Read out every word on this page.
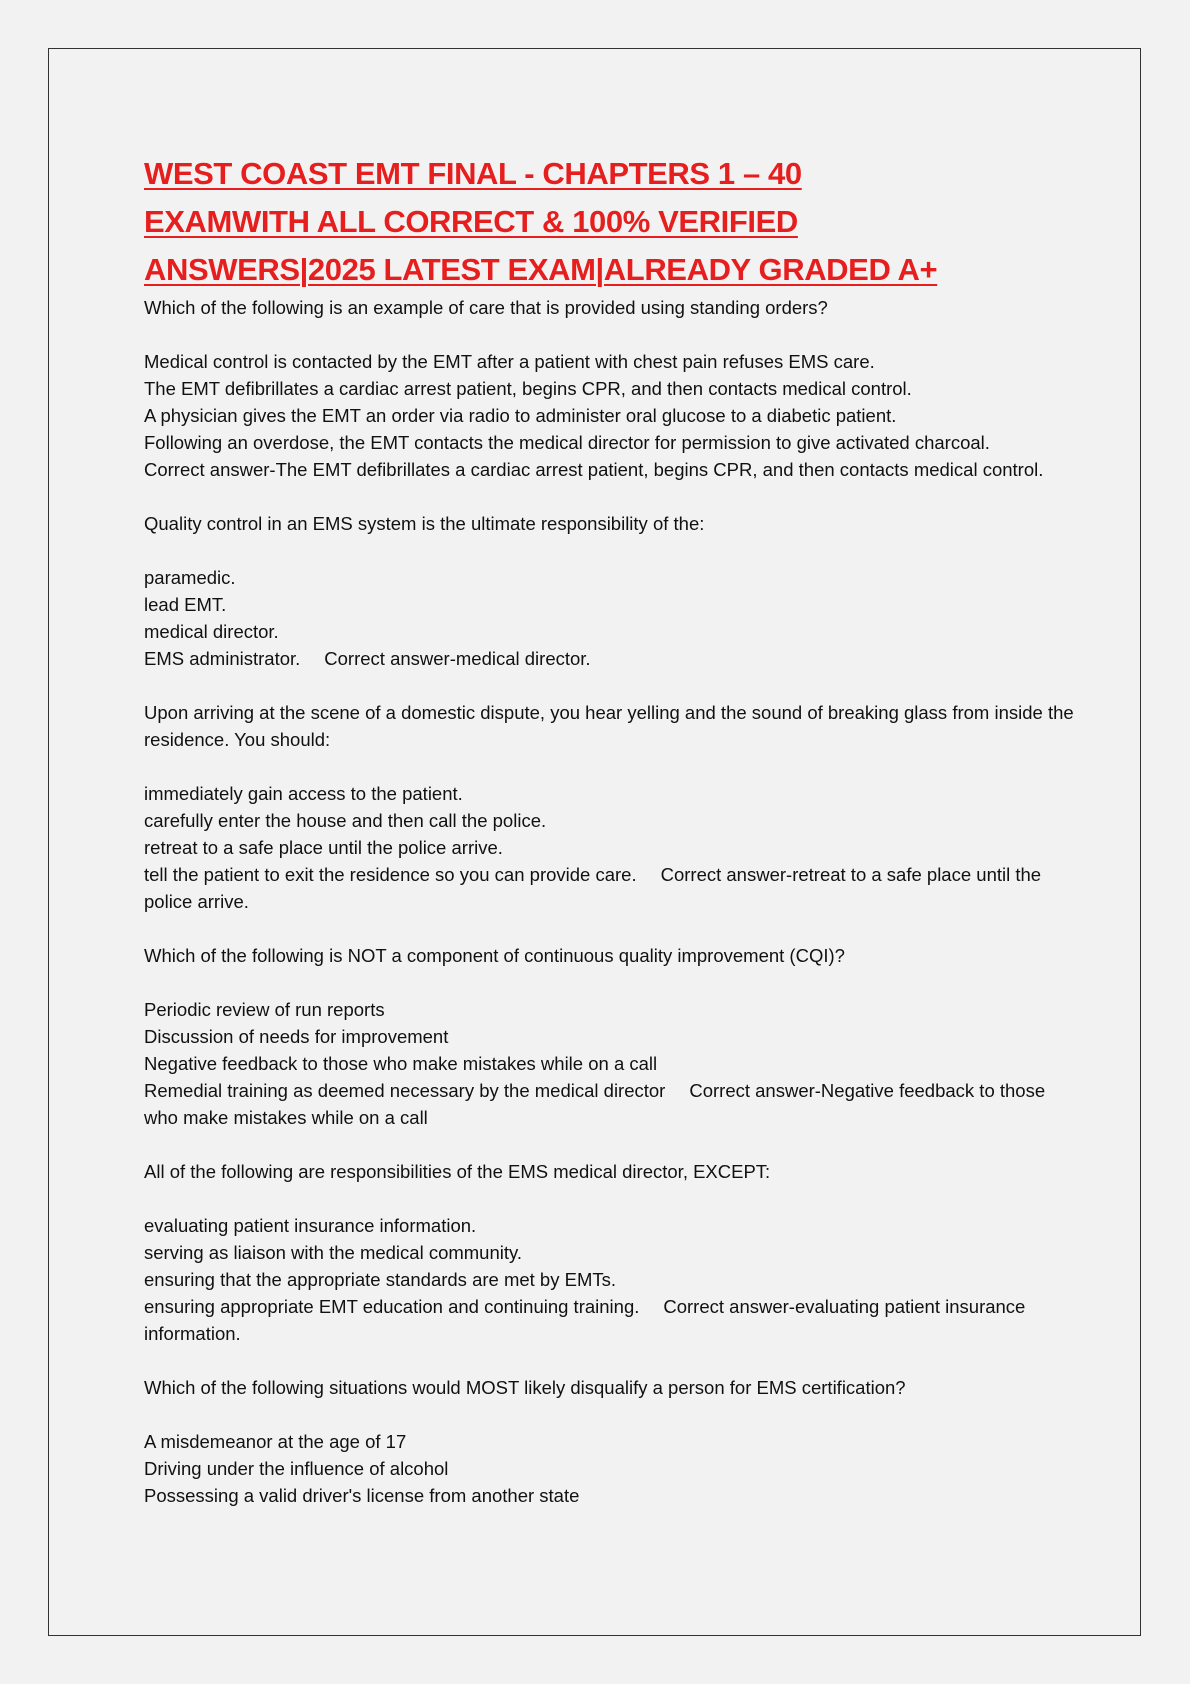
WEST COAST EMT FINAL - CHAPTERS 1 – 40
EXAMWITH ALL CORRECT & 100% VERIFIED
ANSWERS|2025 LATEST EXAM|ALREADY GRADED A+

Which of the following is an example of care that is provided using standing orders?

Medical control is contacted by the EMT after a patient with chest pain refuses EMS care.

The EMT defibrillates a cardiac arrest patient, begins CPR, and then contacts medical control.

A physician gives the EMT an order via radio to administer oral glucose to a diabetic patient.

Following an overdose, the EMT contacts the medical director for permission to give activated charcoal.Correct answer-The EMT defibrillates a cardiac arrest patient, begins CPR, and then contacts medical control.

Quality control in an EMS system is the ultimate responsibility of the:

paramedic.

lead EMT.

medical director.

EMS administrator. Correct answer-medical director.

Upon arriving at the scene of a domestic dispute, you hear yelling and the sound of breaking glass from inside the residence. You should:

immediately gain access to the patient.

carefully enter the house and then call the police.

retreat to a safe place until the police arrive.

tell the patient to exit the residence so you can provide care. Correct answer-retreat to a safe place until the police arrive.

Which of the following is NOT a component of continuous quality improvement (CQI)?

Periodic review of run reports

Discussion of needs for improvement

Negative feedback to those who make mistakes while on a call

Remedial training as deemed necessary by the medical director Correct answer-Negative feedback to those who make mistakes while on a call

All of the following are responsibilities of the EMS medical director, EXCEPT:

evaluating patient insurance information.

serving as liaison with the medical community.

ensuring that the appropriate standards are met by EMTs.

ensuring appropriate EMT education and continuing training. Correct answer-evaluating patient insurance information.

Which of the following situations would MOST likely disqualify a person for EMS certification?

A misdemeanor at the age of 17

Driving under the influence of alcohol

Possessing a valid driver's license from another state
